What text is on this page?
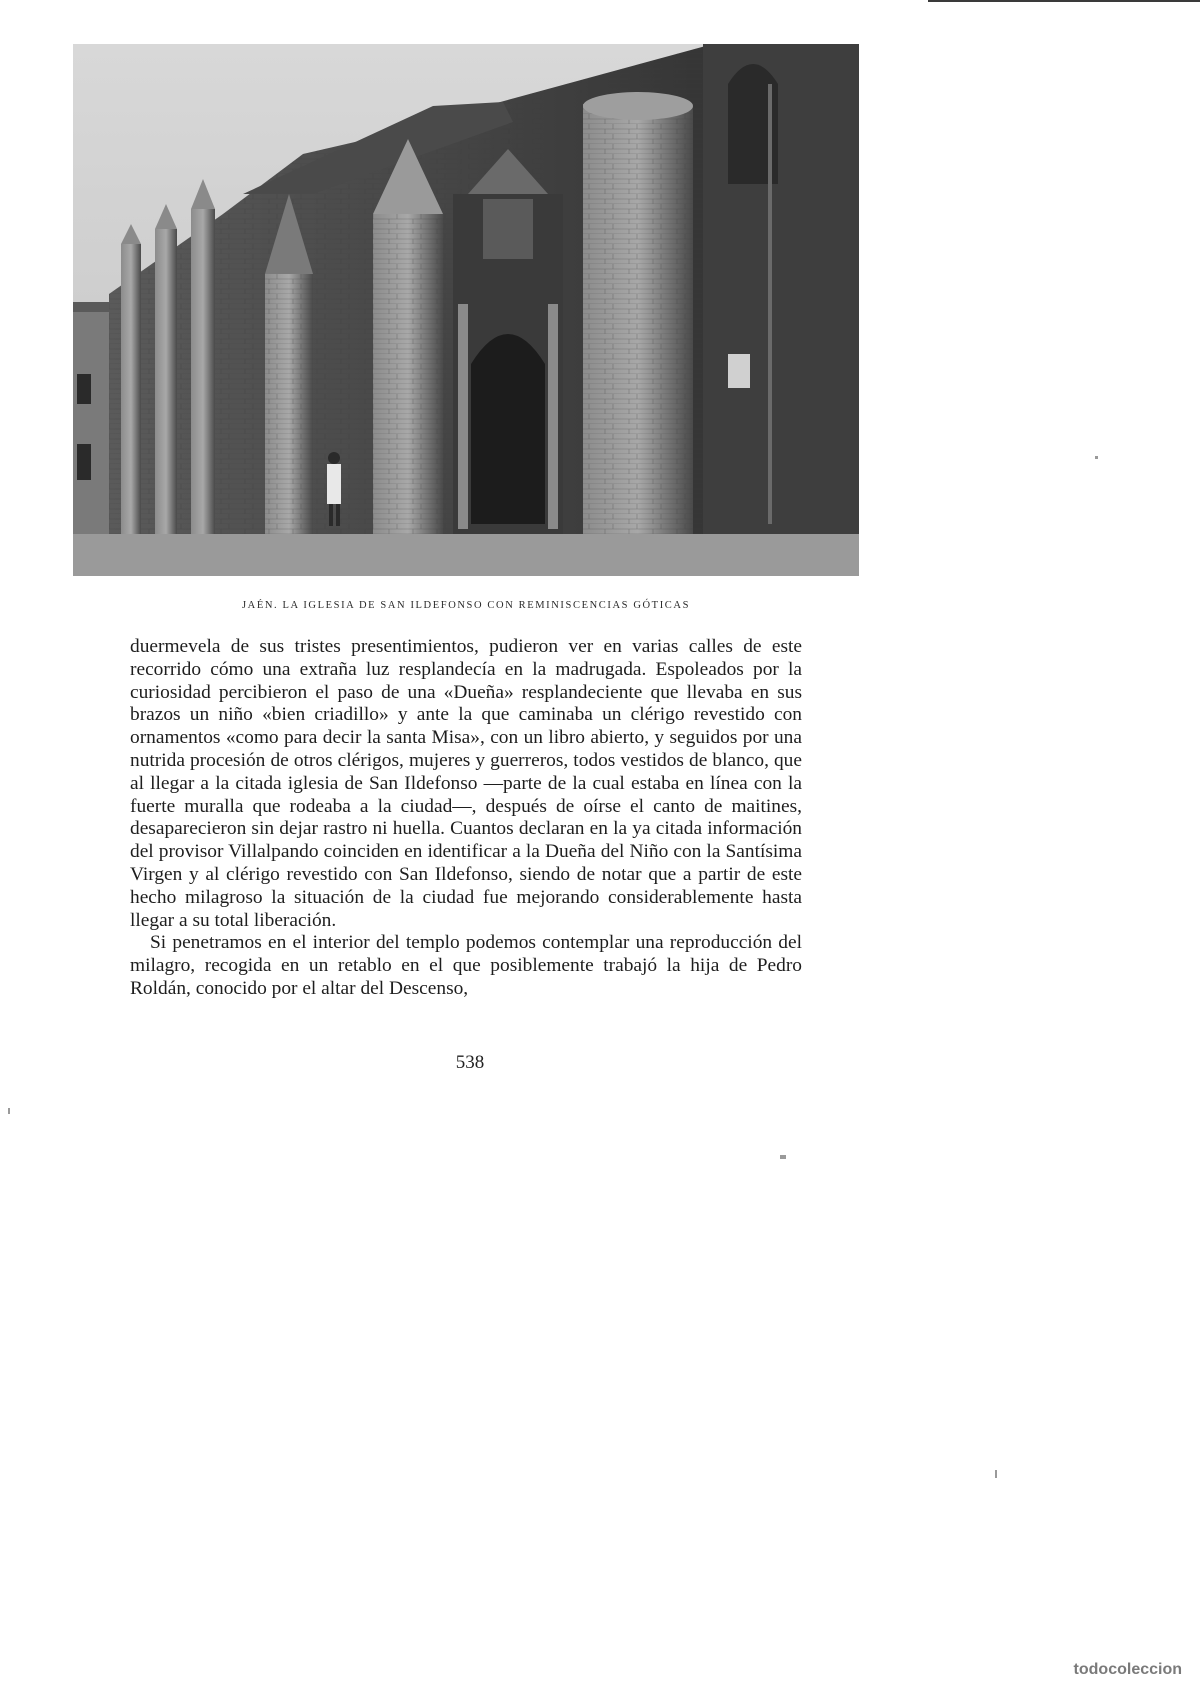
JAÉN. LA IGLESIA DE SAN ILDEFONSO CON REMINISCENCIAS GÓTICAS

duermevela de sus tristes presentimientos, pudieron ver en varias calles de este recorrido cómo una extraña luz resplandecía en la madrugada. Espoleados por la curiosidad percibieron el paso de una «Dueña» resplandeciente que llevaba en sus brazos un niño «bien criadillo» y ante la que caminaba un clérigo revestido con ornamentos «como para decir la santa Misa», con un libro abierto, y seguidos por una nutrida procesión de otros clérigos, mujeres y guerreros, todos vestidos de blanco, que al llegar a la citada iglesia de San Ildefonso —parte de la cual estaba en línea con la fuerte muralla que rodeaba a la ciudad—, después de oírse el canto de maitines, desaparecieron sin dejar rastro ni huella. Cuantos declaran en la ya citada información del provisor Villalpando coinciden en identificar a la Dueña del Niño con la Santísima Virgen y al clérigo revestido con San Ildefonso, siendo de notar que a partir de este hecho milagroso la situación de la ciudad fue mejorando considerablemente hasta llegar a su total liberación.

Si penetramos en el interior del templo podemos contemplar una reproducción del milagro, recogida en un retablo en el que posiblemente trabajó la hija de Pedro Roldán, conocido por el altar del Descenso,

538
todocoleccion
